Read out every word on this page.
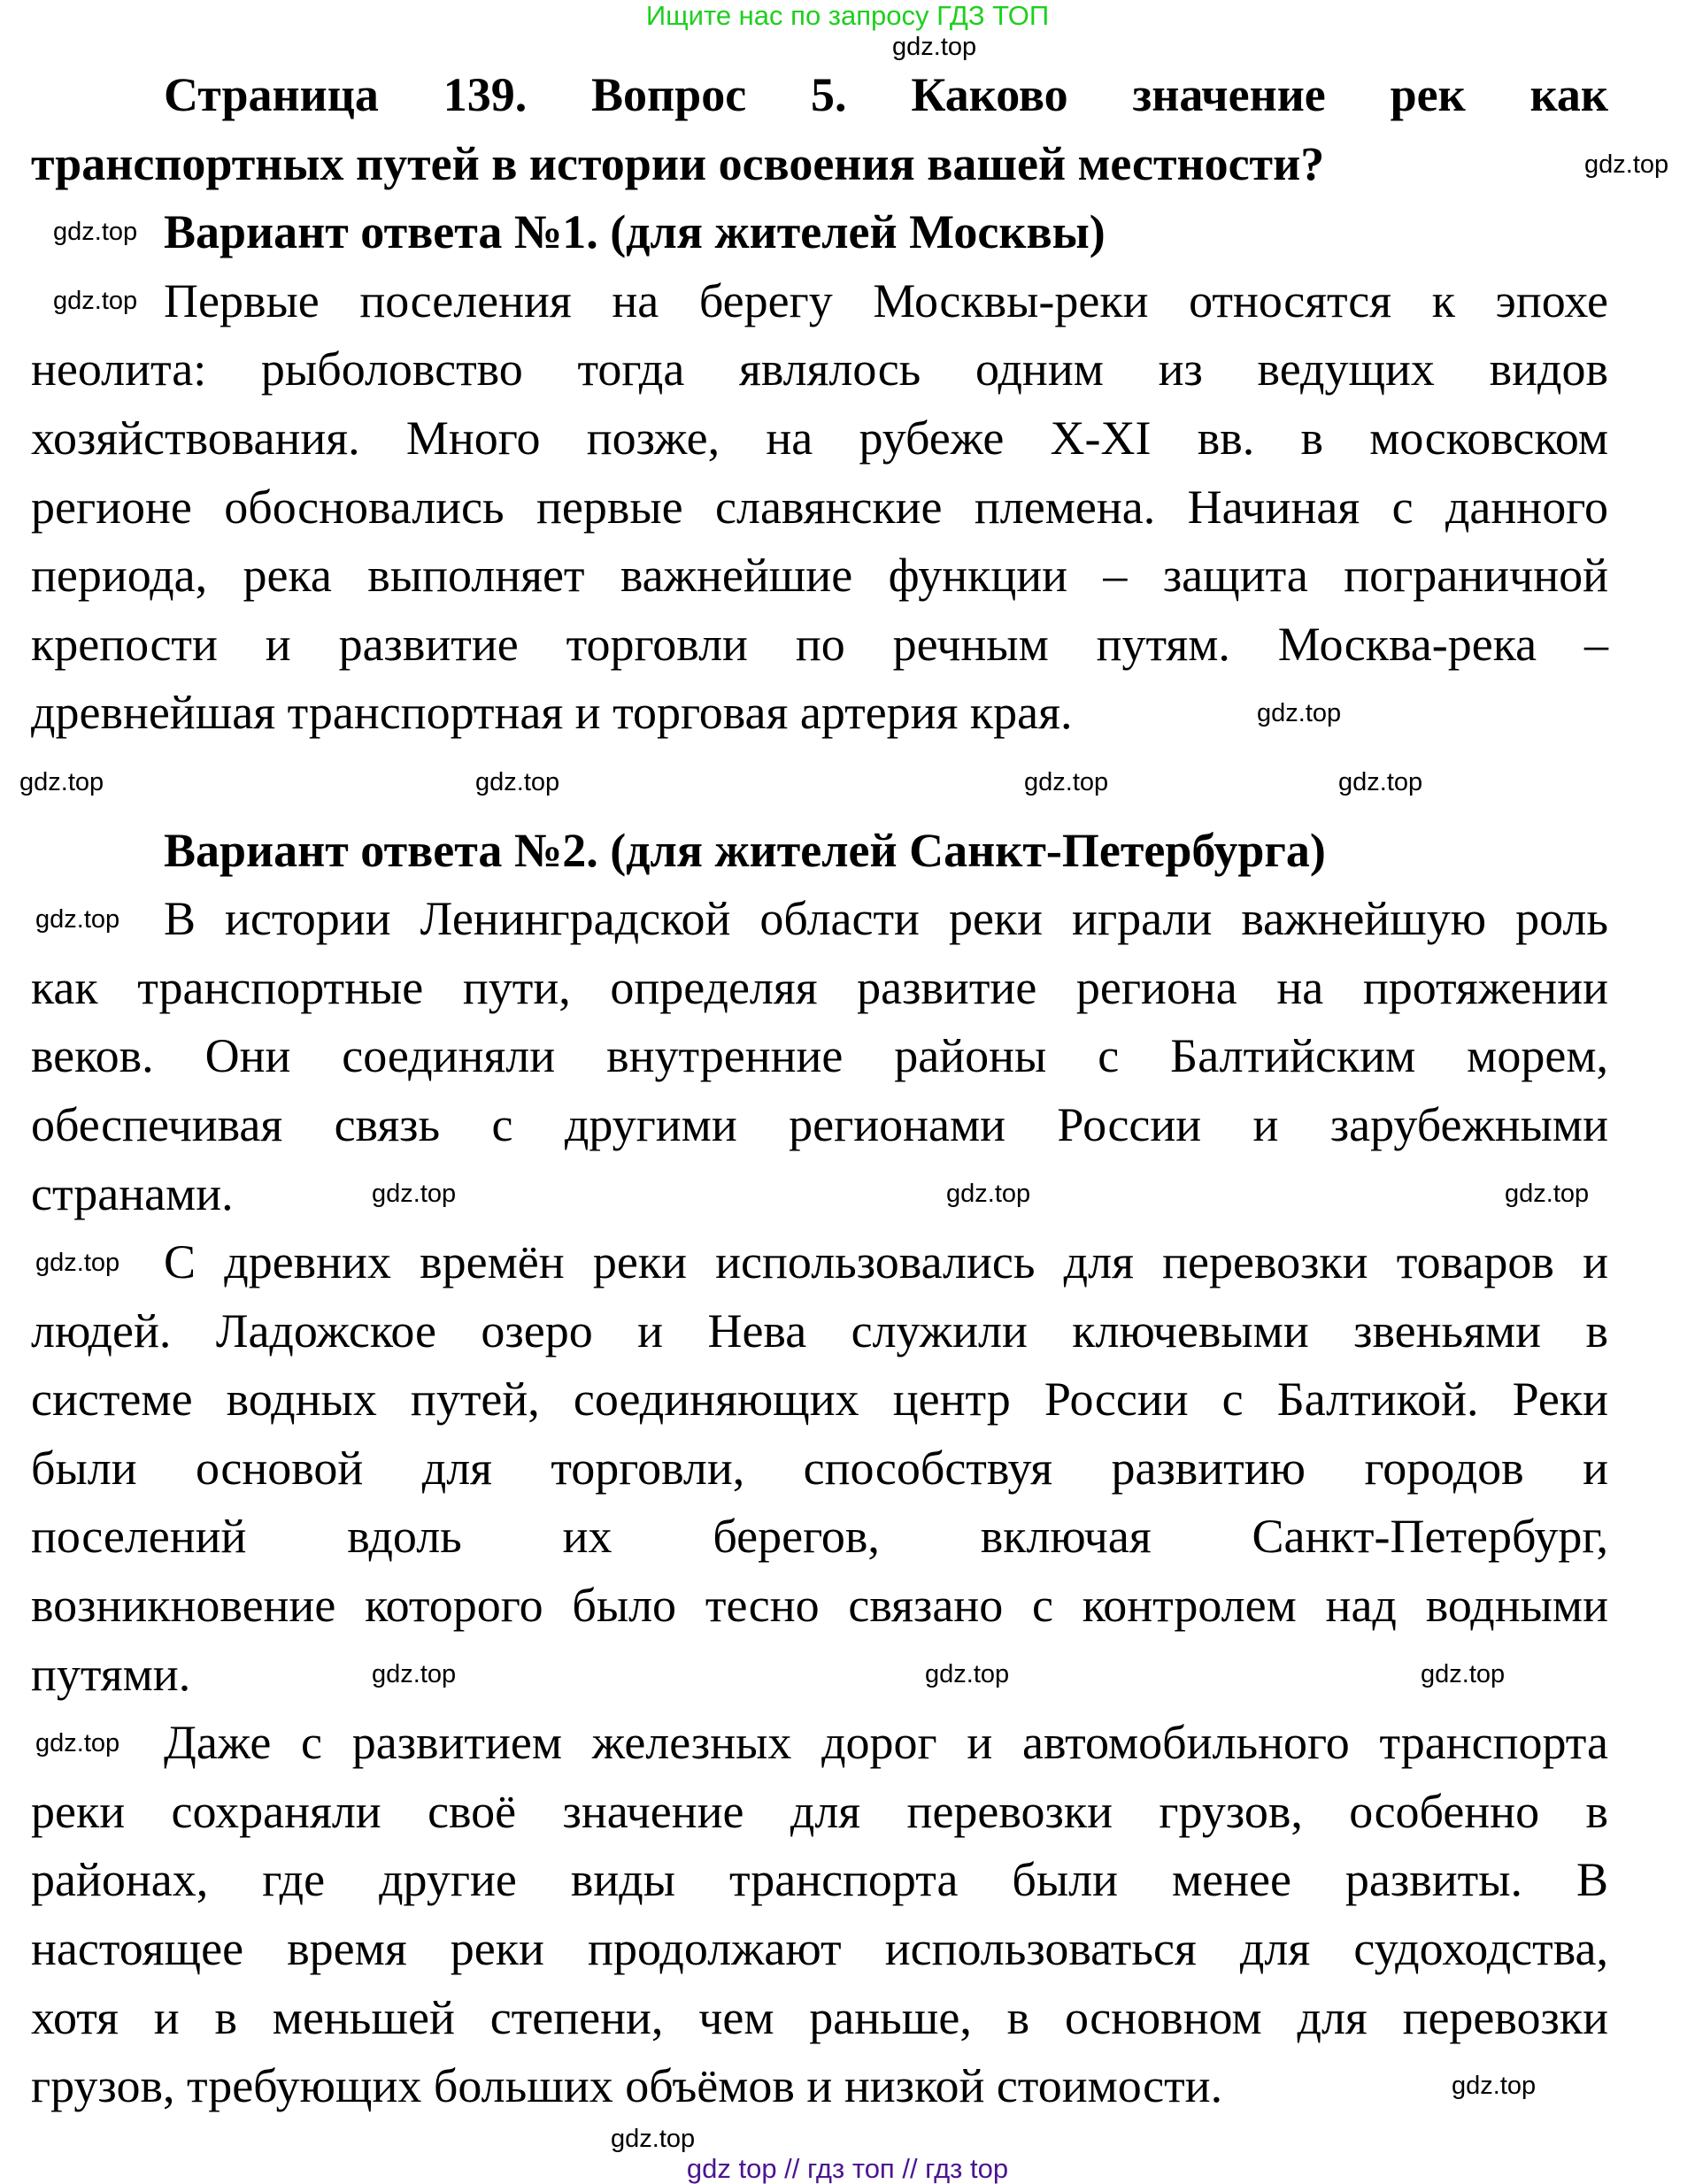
Ищите нас по запросу ГДЗ ТОП
Страница 139. Вопрос 5. Каково значение рек как
транспортных путей в истории освоения вашей местности?
Вариант ответа №1. (для жителей Москвы)
Первые поселения на берегу Москвы-реки относятся к эпохе
неолита: рыболовство тогда являлось одним из ведущих видов
хозяйствования. Много позже, на рубеже X-XI вв. в московском
регионе обосновались первые славянские племена. Начиная с данного
периода, река выполняет важнейшие функции – защита пограничной
крепости и развитие торговли по речным путям. Москва-река –
древнейшая транспортная и торговая артерия края.
Вариант ответа №2. (для жителей Санкт-Петербурга)
В истории Ленинградской области реки играли важнейшую роль
как транспортные пути, определяя развитие региона на протяжении
веков. Они соединяли внутренние районы с Балтийским морем,
обеспечивая связь с другими регионами России и зарубежными
странами.
С древних времён реки использовались для перевозки товаров и
людей. Ладожское озеро и Нева служили ключевыми звеньями в
системе водных путей, соединяющих центр России с Балтикой. Реки
были основой для торговли, способствуя развитию городов и
поселений вдоль их берегов, включая Санкт-Петербург,
возникновение которого было тесно связано с контролем над водными
путями.
Даже с развитием железных дорог и автомобильного транспорта
реки сохраняли своё значение для перевозки грузов, особенно в
районах, где другие виды транспорта были менее развиты. В
настоящее время реки продолжают использоваться для судоходства,
хотя и в меньшей степени, чем раньше, в основном для перевозки
грузов, требующих больших объёмов и низкой стоимости.
gdz.top
gdz.top
gdz.top
gdz.top
gdz.top
gdz.top
gdz.top
gdz.top	gdz.top
gdz.top
gdz.top	gdz.top	gdz.top
gdz.top
gdz.top	gdz.top
gdz.top
gdz.top
gdz.top
gdz.top
gdz top // гдз топ // гдз top
